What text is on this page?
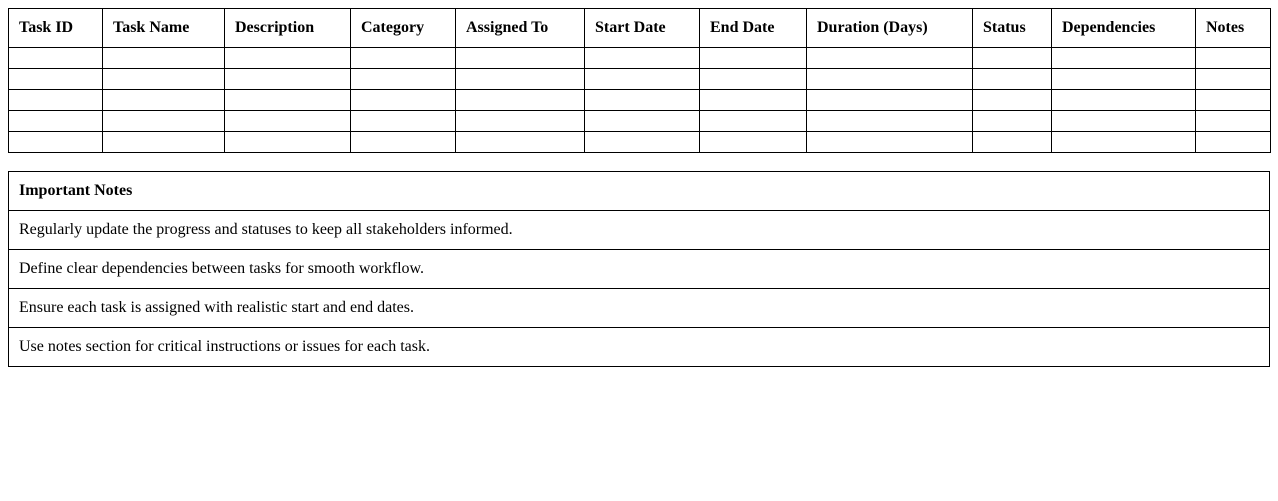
Task ID	Task Name	Description	Category	Assigned To	Start Date	End Date	Duration (Days)	Status	Dependencies	Notes

Important Notes
Regularly update the progress and statuses to keep all stakeholders informed.
Define clear dependencies between tasks for smooth workflow.
Ensure each task is assigned with realistic start and end dates.
Use notes section for critical instructions or issues for each task.
